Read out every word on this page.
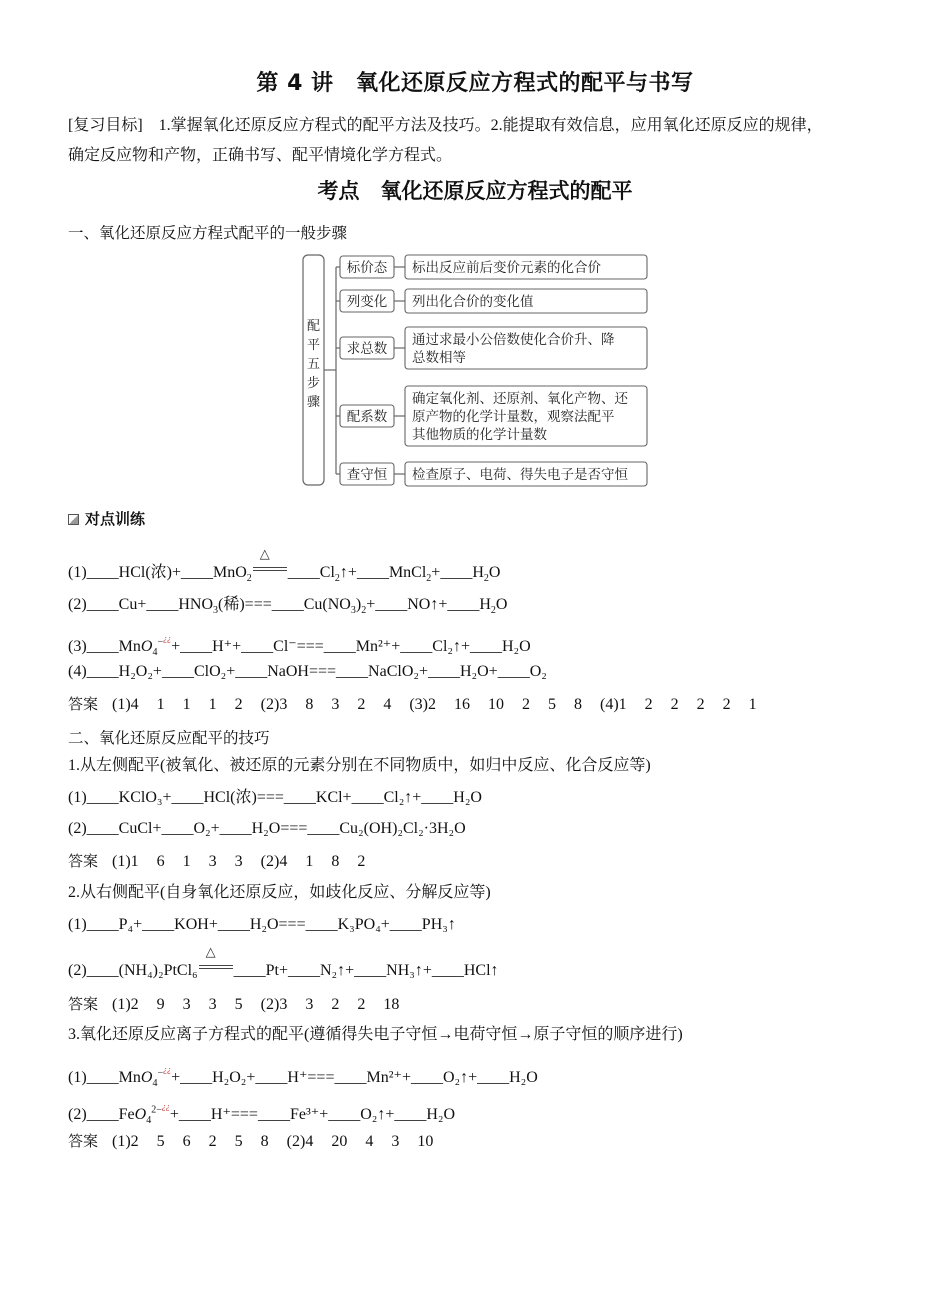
第 4 讲　氧化还原反应方程式的配平与书写
[复习目标]　1.掌握氧化还原反应方程式的配平方法及技巧。2.能提取有效信息，应用氧化还原反应的规律，
确定反应物和产物，正确书写、配平情境化学方程式。
考点　氧化还原反应方程式的配平
一、氧化还原反应方程式配平的一般步骤
配
平
五
步
骤
标价态 标出反应前后变价元素的化合价
列变化 列出化合价的变化值
求总数
通过求最小公倍数使化合价升、降
总数相等
配系数
确定氧化剂、还原剂、氧化产物、还
原产物的化学计量数，观察法配平
其他物质的化学计量数
查守恒 检查原子、电荷、得失电子是否守恒
对点训练
(1)____HCl(浓)+____MnO$_2$
△
$\_\_\_\_Cl_2↑+\_\_\_\_MnCl_2+\_\_\_\_H_2O$
$(2)\_\_\_\_Cu+\_\_\_\_HNO_3$(稀)$===\_\_\_\_Cu(NO_3)_2+\_\_\_\_NO↑+\_\_\_\_H_2O$
(3)____MnO$_4$−¿¿+____H⁺+____Cl⁻===____Mn²⁺+____Cl₂↑+____H₂O
(4)____H₂O₂+____ClO₂+____NaOH===____NaClO₂+____H₂O+____O₂
答案 (1)4 1 1 1 2 (2)3 8 3 2 4 (3)2 16 10 2 5 8 (4)1 2 2 2 2 1
二、氧化还原反应配平的技巧
1.从左侧配平(被氧化、被还原的元素分别在不同物质中，如归中反应、化合反应等)
(1)____KClO₃+____HCl(浓)===____KCl+____Cl₂↑+____H₂O
(2)____CuCl+____O₂+____H₂O===____Cu₂(OH)₂Cl₂·3H₂O
答案 (1)1 6 1 3 3 (2)4 1 8 2
2.从右侧配平(自身氧化还原反应，如歧化反应、分解反应等)
(1)____P₄+____KOH+____H₂O===____K₃PO₄+____PH₃↑
(2)____(NH₄)₂PtCl₆
△
____Pt+____N₂↑+____NH₃↑+____HCl↑
答案 (1)2 9 3 3 5 (2)3 3 2 2 18
3.氧化还原反应离子方程式的配平(遵循得失电子守恒→电荷守恒→原子守恒的顺序进行)
(1)____MnO$_4$−¿¿+____H₂O₂+____H⁺===____Mn²⁺+____O₂↑+____H₂O
(2)____FeO$_4^{2-¿¿}$+____H⁺===____Fe³⁺+____O₂↑+____H₂O
答案 (1)2 5 6 2 5 8 (2)4 20 4 3 10
